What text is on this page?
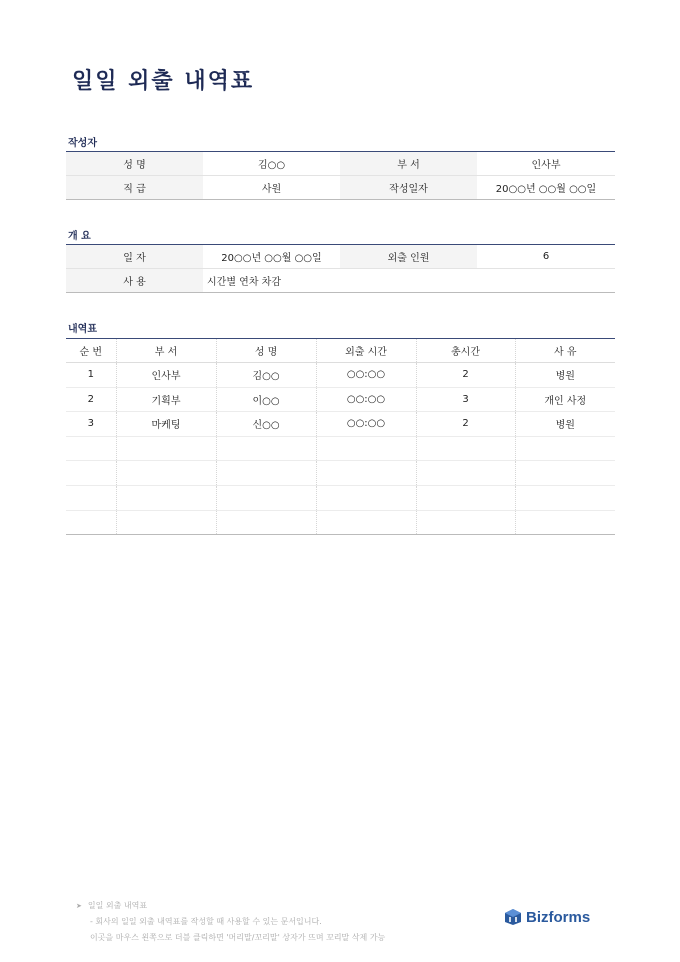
일일 외출 내역표
작성자
성 명	김○○	부 서	인사부
직 급	사원	작성일자	20○○년 ○○월 ○○일
개 요
일 자	20○○년 ○○월 ○○일	외출 인원	6
사 용	시간별 연차 차감		
내역표
순 번	부 서	성 명	외출 시간	총시간	사 유
1	인사부	김○○	○○:○○	2	병원
2	기획부	이○○	○○:○○	3	개인 사정
3	마케팅	신○○	○○:○○	2	병원

➤ 일일 외출 내역표
- 회사의 일일 외출 내역표를 작성할 때 사용할 수 있는 문서입니다.
이곳을 마우스 왼쪽으로 더블 클릭하면 '머리말/꼬리말' 상자가 뜨며 꼬리말 삭제 가능
Bizforms
